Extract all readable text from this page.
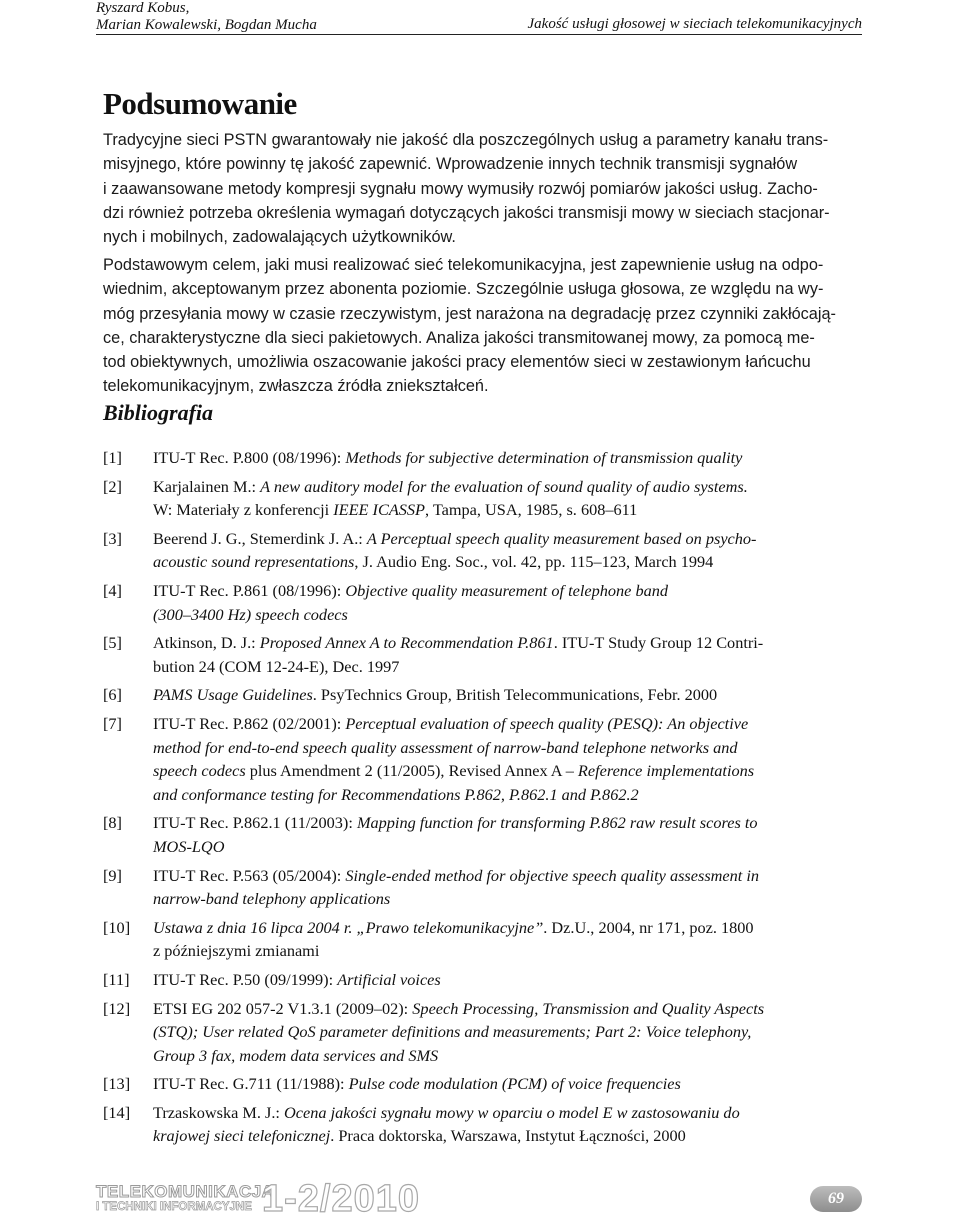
Ryszard Kobus,
Marian Kowalewski, Bogdan Mucha	Jakość usługi głosowej w sieciach telekomunikacyjnych
Podsumowanie

Tradycyjne sieci PSTN gwarantowały nie jakość dla poszczególnych usług a parametry kanału trans-
misyjnego, które powinny tę jakość zapewnić. Wprowadzenie innych technik transmisji sygnałów
i zaawansowane metody kompresji sygnału mowy wymusiły rozwój pomiarów jakości usług. Zacho-
dzi również potrzeba określenia wymagań dotyczących jakości transmisji mowy w sieciach stacjonar-
nych i mobilnych, zadowalających użytkowników.

Podstawowym celem, jaki musi realizować sieć telekomunikacyjna, jest zapewnienie usług na odpo-
wiednim, akceptowanym przez abonenta poziomie. Szczególnie usługa głosowa, ze względu na wy-
móg przesyłania mowy w czasie rzeczywistym, jest narażona na degradację przez czynniki zakłócają-
ce, charakterystyczne dla sieci pakietowych. Analiza jakości transmitowanej mowy, za pomocą me-
tod obiektywnych, umożliwia oszacowanie jakości pracy elementów sieci w zestawionym łańcuchu
telekomunikacyjnym, zwłaszcza źródła zniekształceń.

Bibliografia
[1] ITU-T Rec. P.800 (08/1996): Methods for subjective determination of transmission quality
[2] Karjalainen M.: A new auditory model for the evaluation of sound quality of audio systems.
W: Materiały z konferencji IEEE ICASSP, Tampa, USA, 1985, s. 608–611
[3] Beerend J. G., Stemerdink J. A.: A Perceptual speech quality measurement based on psycho-
acoustic sound representations, J. Audio Eng. Soc., vol. 42, pp. 115–123, March 1994
[4] ITU-T Rec. P.861 (08/1996): Objective quality measurement of telephone band
(300–3400 Hz) speech codecs
[5] Atkinson, D. J.: Proposed Annex A to Recommendation P.861. ITU-T Study Group 12 Contri-
bution 24 (COM 12-24-E), Dec. 1997
[6] PAMS Usage Guidelines. PsyTechnics Group, British Telecommunications, Febr. 2000
[7] ITU-T Rec. P.862 (02/2001): Perceptual evaluation of speech quality (PESQ): An objective
method for end-to-end speech quality assessment of narrow-band telephone networks and
speech codecs plus Amendment 2 (11/2005), Revised Annex A – Reference implementations
and conformance testing for Recommendations P.862, P.862.1 and P.862.2
[8] ITU-T Rec. P.862.1 (11/2003): Mapping function for transforming P.862 raw result scores to
MOS-LQO
[9] ITU-T Rec. P.563 (05/2004): Single-ended method for objective speech quality assessment in
narrow-band telephony applications
[10] Ustawa z dnia 16 lipca 2004 r. „Prawo telekomunikacyjne”. Dz.U., 2004, nr 171, poz. 1800
z późniejszymi zmianami
[11] ITU-T Rec. P.50 (09/1999): Artificial voices
[12] ETSI EG 202 057-2 V1.3.1 (2009–02): Speech Processing, Transmission and Quality Aspects
(STQ); User related QoS parameter definitions and measurements; Part 2: Voice telephony,
Group 3 fax, modem data services and SMS
[13] ITU-T Rec. G.711 (11/1988): Pulse code modulation (PCM) of voice frequencies
[14] Trzaskowska M. J.: Ocena jakości sygnału mowy w oparciu o model E w zastosowaniu do
krajowej sieci telefonicznej. Praca doktorska, Warszawa, Instytut Łączności, 2000
TELEKOMUNIKACJA
I TECHNIKI INFORMACYJNE 1-2/2010	69
